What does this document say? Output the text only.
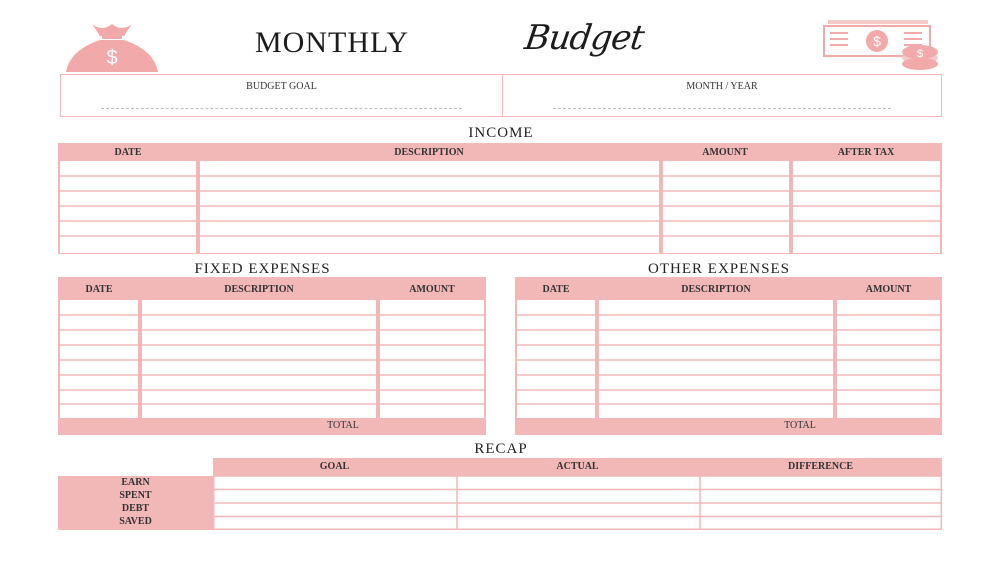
$
$
$
MONTHLY	Budget
BUDGET GOAL	MONTH / YEAR
INCOME
DATE	DESCRIPTION	AMOUNT	AFTER TAX
FIXED EXPENSES
DATE	DESCRIPTION	AMOUNT
TOTAL
OTHER EXPENSES
DATE	DESCRIPTION	AMOUNT
TOTAL
RECAP
GOAL	ACTUAL	DIFFERENCE
EARN
SPENT
DEBT
SAVED
